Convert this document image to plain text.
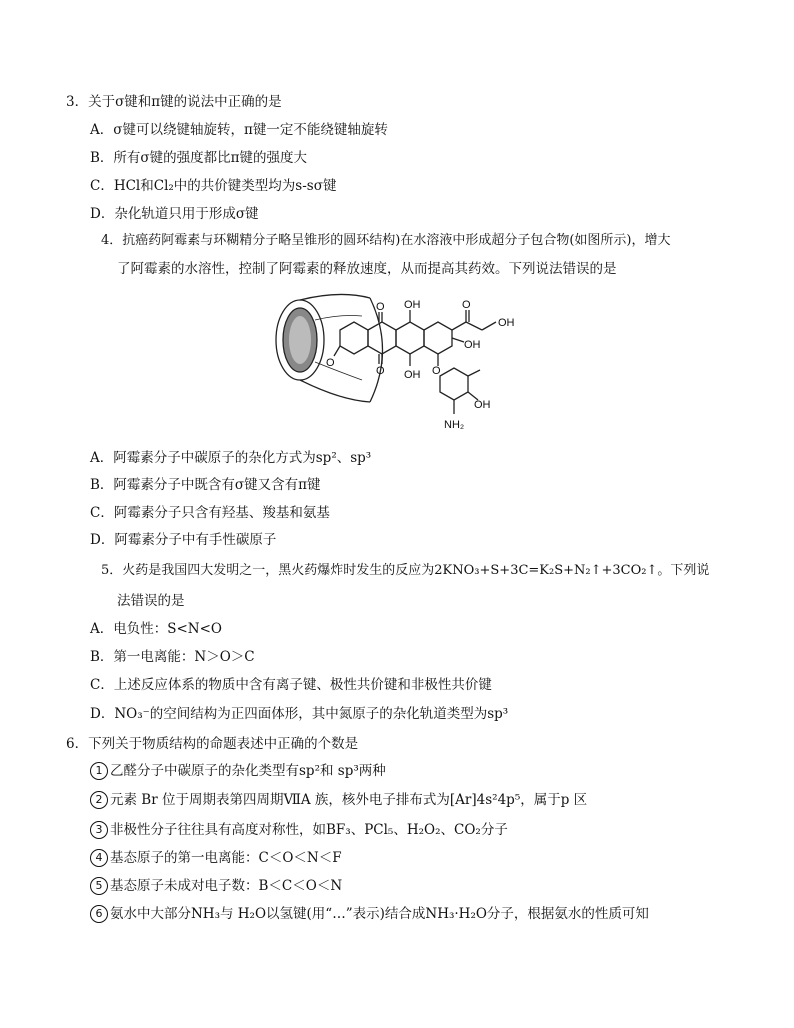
3．关于σ键和π键的说法中正确的是
A．σ键可以绕键轴旋转，π键一定不能绕键轴旋转
B．所有σ键的强度都比π键的强度大
C．HCl和Cl₂中的共价键类型均为s-sσ键
D．杂化轨道只用于形成σ键
4．抗癌药阿霉素与环糊精分子略呈锥形的圆环结构)在水溶液中形成超分子包合物(如图所示)，增大
了阿霉素的水溶性，控制了阿霉素的释放速度，从而提高其药效。下列说法错误的是
OH
OH
O
OH
OH
O
O
O
O
OH
NH₂
A．阿霉素分子中碳原子的杂化方式为sp²、sp³
B．阿霉素分子中既含有σ键又含有π键
C．阿霉素分子只含有羟基、羧基和氨基
D．阿霉素分子中有手性碳原子
5．火药是我国四大发明之一，黑火药爆炸时发生的反应为2KNO₃+S+3C=K₂S+N₂↑+3CO₂↑。下列说
法错误的是
A．电负性：S<N<O
B．第一电离能：N＞O＞C
C．上述反应体系的物质中含有离子键、极性共价键和非极性共价键
D．NO₃⁻的空间结构为正四面体形，其中氮原子的杂化轨道类型为sp³
6．下列关于物质结构的命题表述中正确的个数是
1 乙醛分子中碳原子的杂化类型有sp²和 sp³两种
2 元素 Br 位于周期表第四周期ⅦA 族，核外电子排布式为[Ar]4s²4p⁵，属于p 区
3 非极性分子往往具有高度对称性，如BF₃、PCl₅、H₂O₂、CO₂分子
4 基态原子的第一电离能：C＜O＜N＜F
5 基态原子未成对电子数：B＜C＜O＜N
6 氨水中大部分NH₃与 H₂O以氢键(用“…”表示)结合成NH₃·H₂O分子，根据氨水的性质可知
